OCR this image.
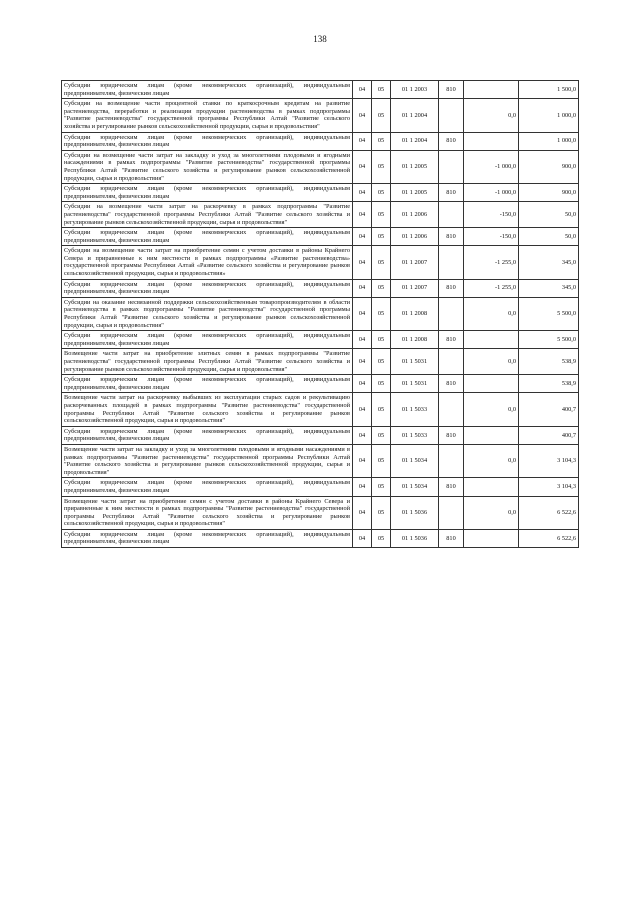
138
Субсидии юридическим лицам (кроме некоммерческих организаций), индивидуальным предпринимателям, физическим лицам	04	05	01 1 2003	810		1 500,0
Субсидии на возмещение части процентной ставки по краткосрочным кредитам на развитие растениеводства, переработки и реализации продукции растениеводства в рамках подпрограммы "Развитие растениеводства" государственной программы Республики Алтай "Развитие сельского хозяйства и регулирование рынков сельскохозяйственной продукции, сырья и продовольствия"	04	05	01 1 2004		0,0	1 000,0
Субсидии юридическим лицам (кроме некоммерческих организаций), индивидуальным предпринимателям, физическим лицам	04	05	01 1 2004	810		1 000,0
Субсидии на возмещение части затрат на закладку и уход за многолетними плодовыми и ягодными насаждениями в рамках подпрограммы "Развитие растениеводства" государственной программы Республики Алтай "Развитие сельского хозяйства и регулирование рынков сельскохозяйственной продукции, сырья и продовольствия"	04	05	01 1 2005		-1 000,0	900,0
Субсидии юридическим лицам (кроме некоммерческих организаций), индивидуальным предпринимателям, физическим лицам	04	05	01 1 2005	810	-1 000,0	900,0
Субсидии на возмещение части затрат на раскорчевку в рамках подпрограммы "Развитие растениеводства" государственной программы Республики Алтай "Развитие сельского хозяйства и регулирование рынков сельскохозяйственной продукции, сырья и продовольствия"	04	05	01 1 2006		-150,0	50,0
Субсидии юридическим лицам (кроме некоммерческих организаций), индивидуальным предпринимателям, физическим лицам	04	05	01 1 2006	810	-150,0	50,0
Субсидии на возмещение части затрат на приобретение семян с учетом доставки в районы Крайнего Севера и приравненные к ним местности в рамках подпрограммы «Развитие растениеводства» государственной программы Республики Алтай «Развитие сельского хозяйства и регулирование рынков сельскохозяйственной продукции, сырья и продовольствия»	04	05	01 1 2007		-1 255,0	345,0
Субсидии юридическим лицам (кроме некоммерческих организаций), индивидуальным предпринимателям, физическим лицам	04	05	01 1 2007	810	-1 255,0	345,0
Субсидии на оказание несвязанной поддержки сельскохозяйственным товаропроизводителям в области растениеводства в рамках подпрограммы "Развитие растениеводства" государственной программы Республики Алтай "Развитие сельского хозяйства и регулирование рынков сельскохозяйственной продукции, сырья и продовольствия"	04	05	01 1 2008		0,0	5 500,0
Субсидии юридическим лицам (кроме некоммерческих организаций), индивидуальным предпринимателям, физическим лицам	04	05	01 1 2008	810		5 500,0
Возмещение части затрат на приобретение элитных семян в рамках подпрограммы "Развитие растениеводства" государственной программы Республики Алтай "Развитие сельского хозяйства и регулирование рынков сельскохозяйственной продукции, сырья и продовольствия"	04	05	01 1 5031		0,0	538,9
Субсидии юридическим лицам (кроме некоммерческих организаций), индивидуальным предпринимателям, физическим лицам	04	05	01 1 5031	810		538,9
Возмещение части затрат на раскорчевку выбывших из эксплуатации старых садов и рекультивацию раскорчеванных площадей в рамках подпрограммы "Развитие растениеводства" государственной программы Республики Алтай "Развитие сельского хозяйства и регулирование рынков сельскохозяйственной продукции, сырья и продовольствия"	04	05	01 1 5033		0,0	400,7
Субсидии юридическим лицам (кроме некоммерческих организаций), индивидуальным предпринимателям, физическим лицам	04	05	01 1 5033	810		400,7
Возмещение части затрат на закладку и уход за многолетними плодовыми и ягодными насаждениями в рамках подпрограммы "Развитие растениеводства" государственной программы Республики Алтай "Развитие сельского хозяйства и регулирование рынков сельскохозяйственной продукции, сырья и продовольствия"	04	05	01 1 5034		0,0	3 104,3
Субсидии юридическим лицам (кроме некоммерческих организаций), индивидуальным предпринимателям, физическим лицам	04	05	01 1 5034	810		3 104,3
Возмещение части затрат на приобретение семян с учетом доставки в районы Крайнего Севера и приравненные к ним местности в рамках подпрограммы "Развитие растениеводства" государственной программы Республики Алтай "Развитие сельского хозяйства и регулирование рынков сельскохозяйственной продукции, сырья и продовольствия"	04	05	01 1 5036		0,0	6 522,6
Субсидии юридическим лицам (кроме некоммерческих организаций), индивидуальным предпринимателям, физическим лицам	04	05	01 1 5036	810		6 522,6
